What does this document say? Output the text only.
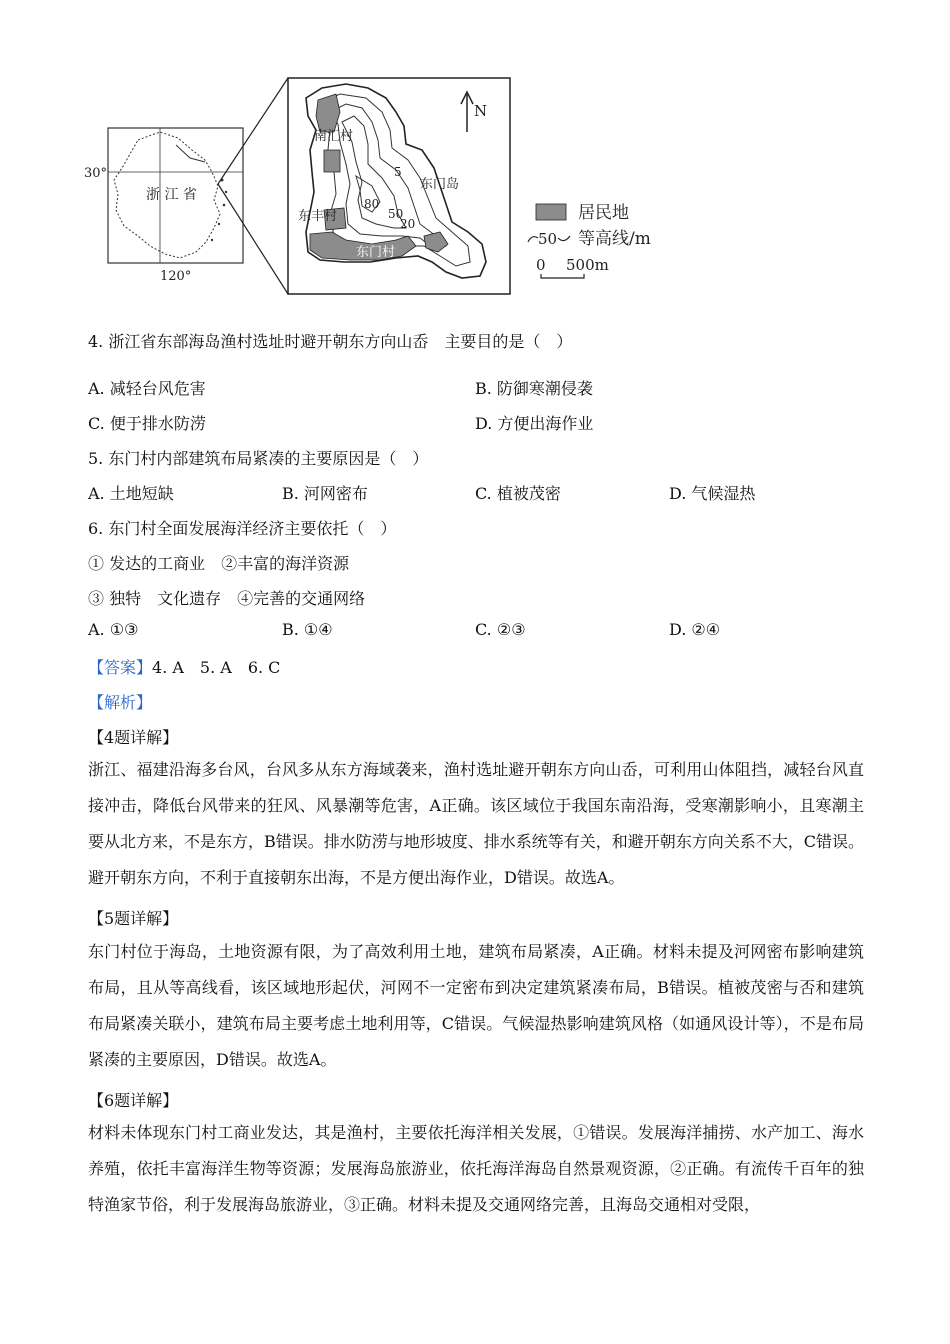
浙 江 省
30°
120°
南汇村
东丰村
东门村
东门岛
80
50
20
5
N
居民地
50 等高线/m
0 500m
4. 浙江省东部海岛渔村选址时避开朝东方向山岙　主要目的是（　）
A. 减轻台风危害	B. 防御寒潮侵袭
C. 便于排水防涝	D. 方便出海作业
5. 东门村内部建筑布局紧凑的主要原因是（　）
A. 土地短缺	B. 河网密布	C. 植被茂密	D. 气候湿热
6. 东门村全面发展海洋经济主要依托（　）
① 发达的工商业　②丰富的海洋资源
③ 独特　文化遗存　④完善的交通网络
A. ①③	B. ①④	C. ②③	D. ②④
【答案】4. A　5. A　6. C
【解析】
【4题详解】
浙江、福建沿海多台风，台风多从东方海域袭来，渔村选址避开朝东方向山岙，可利用山体阻挡，减轻台风直接冲击，降低台风带来的狂风、风暴潮等危害，A正确。该区域位于我国东南沿海，受寒潮影响小，且寒潮主要从北方来，不是东方，B错误。排水防涝与地形坡度、排水系统等有关，和避开朝东方向关系不大，C错误。避开朝东方向，不利于直接朝东出海，不是方便出海作业，D错误。故选A。
【5题详解】
东门村位于海岛，土地资源有限，为了高效利用土地，建筑布局紧凑，A正确。材料未提及河网密布影响建筑布局，且从等高线看，该区域地形起伏，河网不一定密布到决定建筑紧凑布局，B错误。植被茂密与否和建筑布局紧凑关联小，建筑布局主要考虑土地利用等，C错误。气候湿热影响建筑风格（如通风设计等），不是布局紧凑的主要原因，D错误。故选A。
【6题详解】
材料未体现东门村工商业发达，其是渔村，主要依托海洋相关发展，①错误。发展海洋捕捞、水产加工、海水养殖，依托丰富海洋生物等资源；发展海岛旅游业，依托海洋海岛自然景观资源，②正确。有流传千百年的独特渔家节俗，利于发展海岛旅游业，③正确。材料未提及交通网络完善，且海岛交通相对受限，
